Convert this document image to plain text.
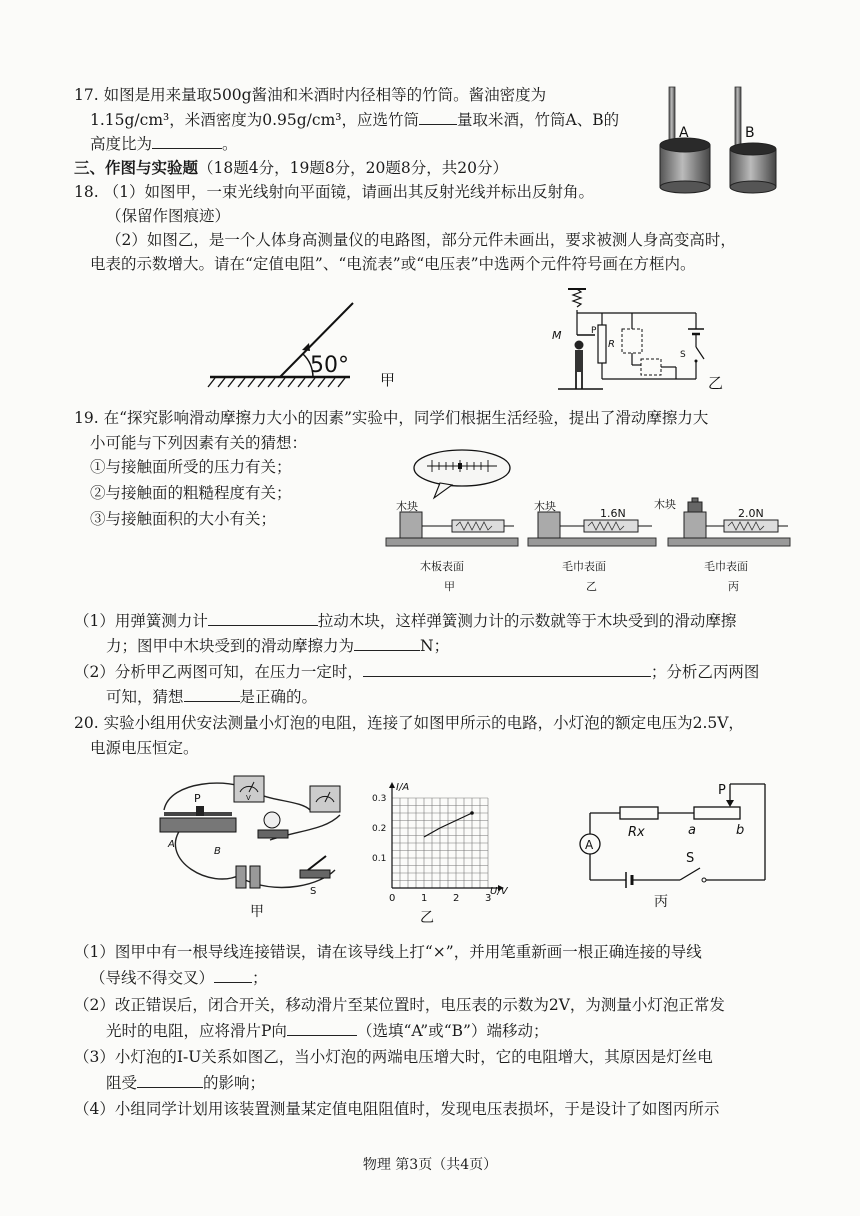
17. 如图是用来量取500g酱油和米酒时内径相等的竹筒。酱油密度为
1.15g/cm³，米酒密度为0.95g/cm³，应选竹筒 量取米酒，竹筒A、B的
高度比为	。
A	B
三、作图与实验题（18题4分，19题8分，20题8分，共20分）
18. （1）如图甲，一束光线射向平面镜，请画出其反射光线并标出反射角。
（保留作图痕迹）
（2）如图乙，是一个人体身高测量仪的电路图，部分元件未画出，要求被测人身高变高时，
电表的示数增大。请在“定值电阻”、“电流表”或“电压表”中选两个元件符号画在方框内。
50°
甲
M	P
R
S
乙
19. 在“探究影响滑动摩擦力大小的因素”实验中，同学们根据生活经验，提出了滑动摩擦力大
小可能与下列因素有关的猜想：
①与接触面所受的压力有关；
②与接触面的粗糙程度有关；
③与接触面积的大小有关；
木块
木板表面
甲
木块
1.6N
毛巾表面
乙
木块
2.0N
毛巾表面
丙
（1）用弹簧测力计	拉动木块，这样弹簧测力计的示数就等于木块受到的滑动摩擦
力；图甲中木块受到的滑动摩擦力为	N；
（2）分析甲乙两图可知，在压力一定时，	；分析乙丙两图
可知，猜想	是正确的。
20. 实验小组用伏安法测量小灯泡的电阻，连接了如图甲所示的电路，小灯泡的额定电压为2.5V，
电源电压恒定。
P
A
B
V
S
甲
0	1	2	3
0.1
0.2
0.3
I/A
U/V
乙
A
Rx	a	b
P
S
丙
（1）图甲中有一根导线连接错误，请在该导线上打“×”，并用笔重新画一根正确连接的导线
（导线不得交叉） ；
（2）改正错误后，闭合开关，移动滑片至某位置时，电压表的示数为2V，为测量小灯泡正常发
光时的电阻，应将滑片P向	（选填“A”或“B”）端移动；
（3）小灯泡的I-U关系如图乙，当小灯泡的两端电压增大时，它的电阻增大，其原因是灯丝电
阻受	的影响；
（4）小组同学计划用该装置测量某定值电阻阻值时，发现电压表损坏，于是设计了如图丙所示
物理 第3页（共4页）
